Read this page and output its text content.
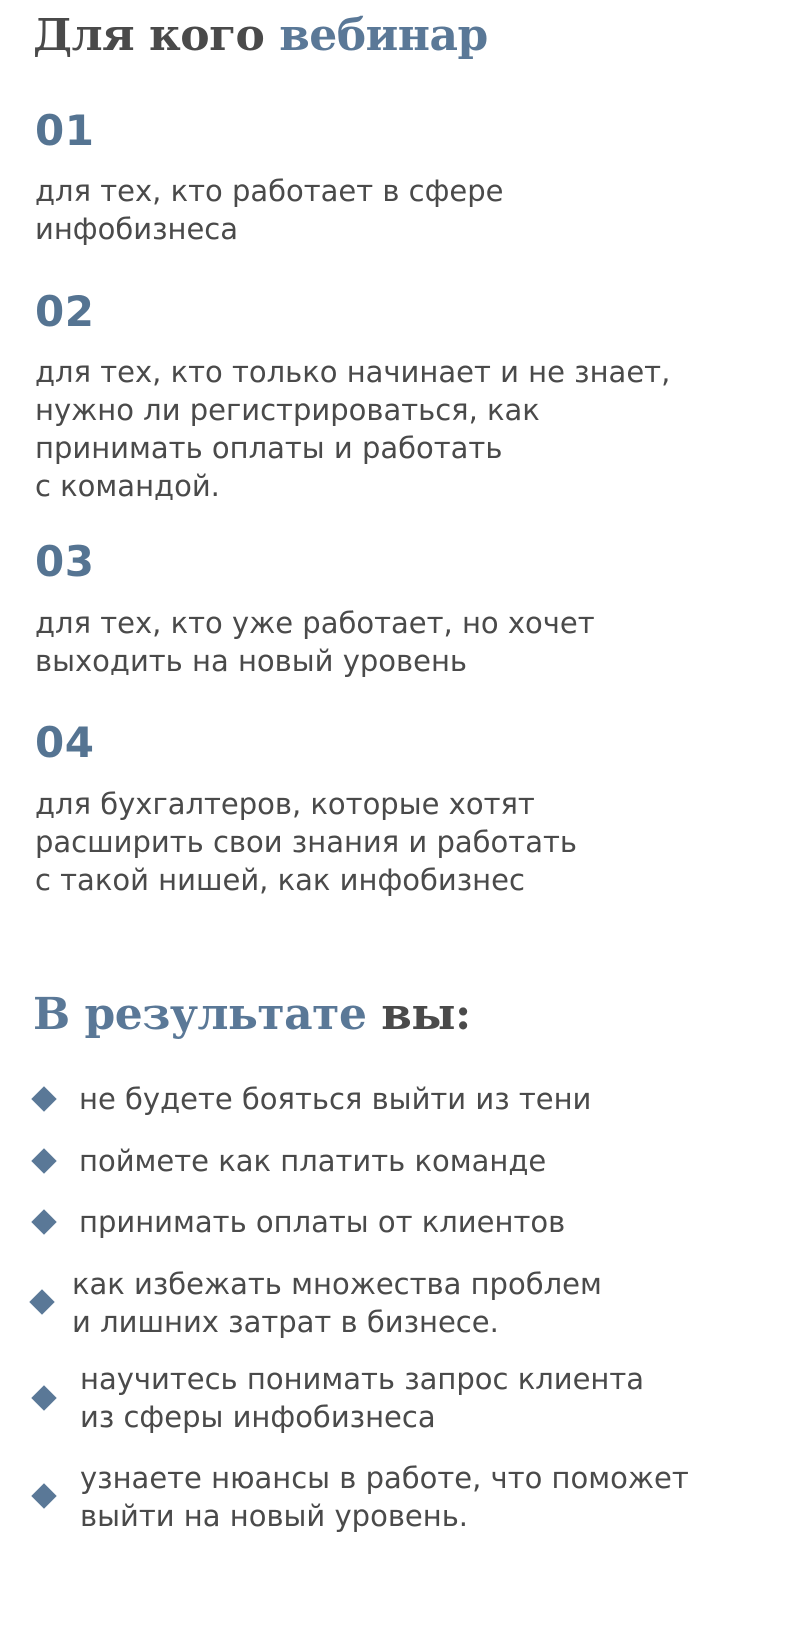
Для кого вебинар
01

для тех, кто работает в сфере
инфобизнеса

02

для тех, кто только начинает и не знает,
нужно ли регистрироваться, как
принимать оплаты и работать
с командой.

03

для тех, кто уже работает, но хочет
выходить на новый уровень

04

для бухгалтеров, которые хотят
расширить свои знания и работать
с такой нишей, как инфобизнес

В результате вы:

не будете бояться выйти из тени

поймете как платить команде

принимать оплаты от клиентов

как избежать множества проблем
и лишних затрат в бизнесе.

научитесь понимать запрос клиента
из сферы инфобизнеса

узнаете нюансы в работе, что поможет
выйти на новый уровень.
